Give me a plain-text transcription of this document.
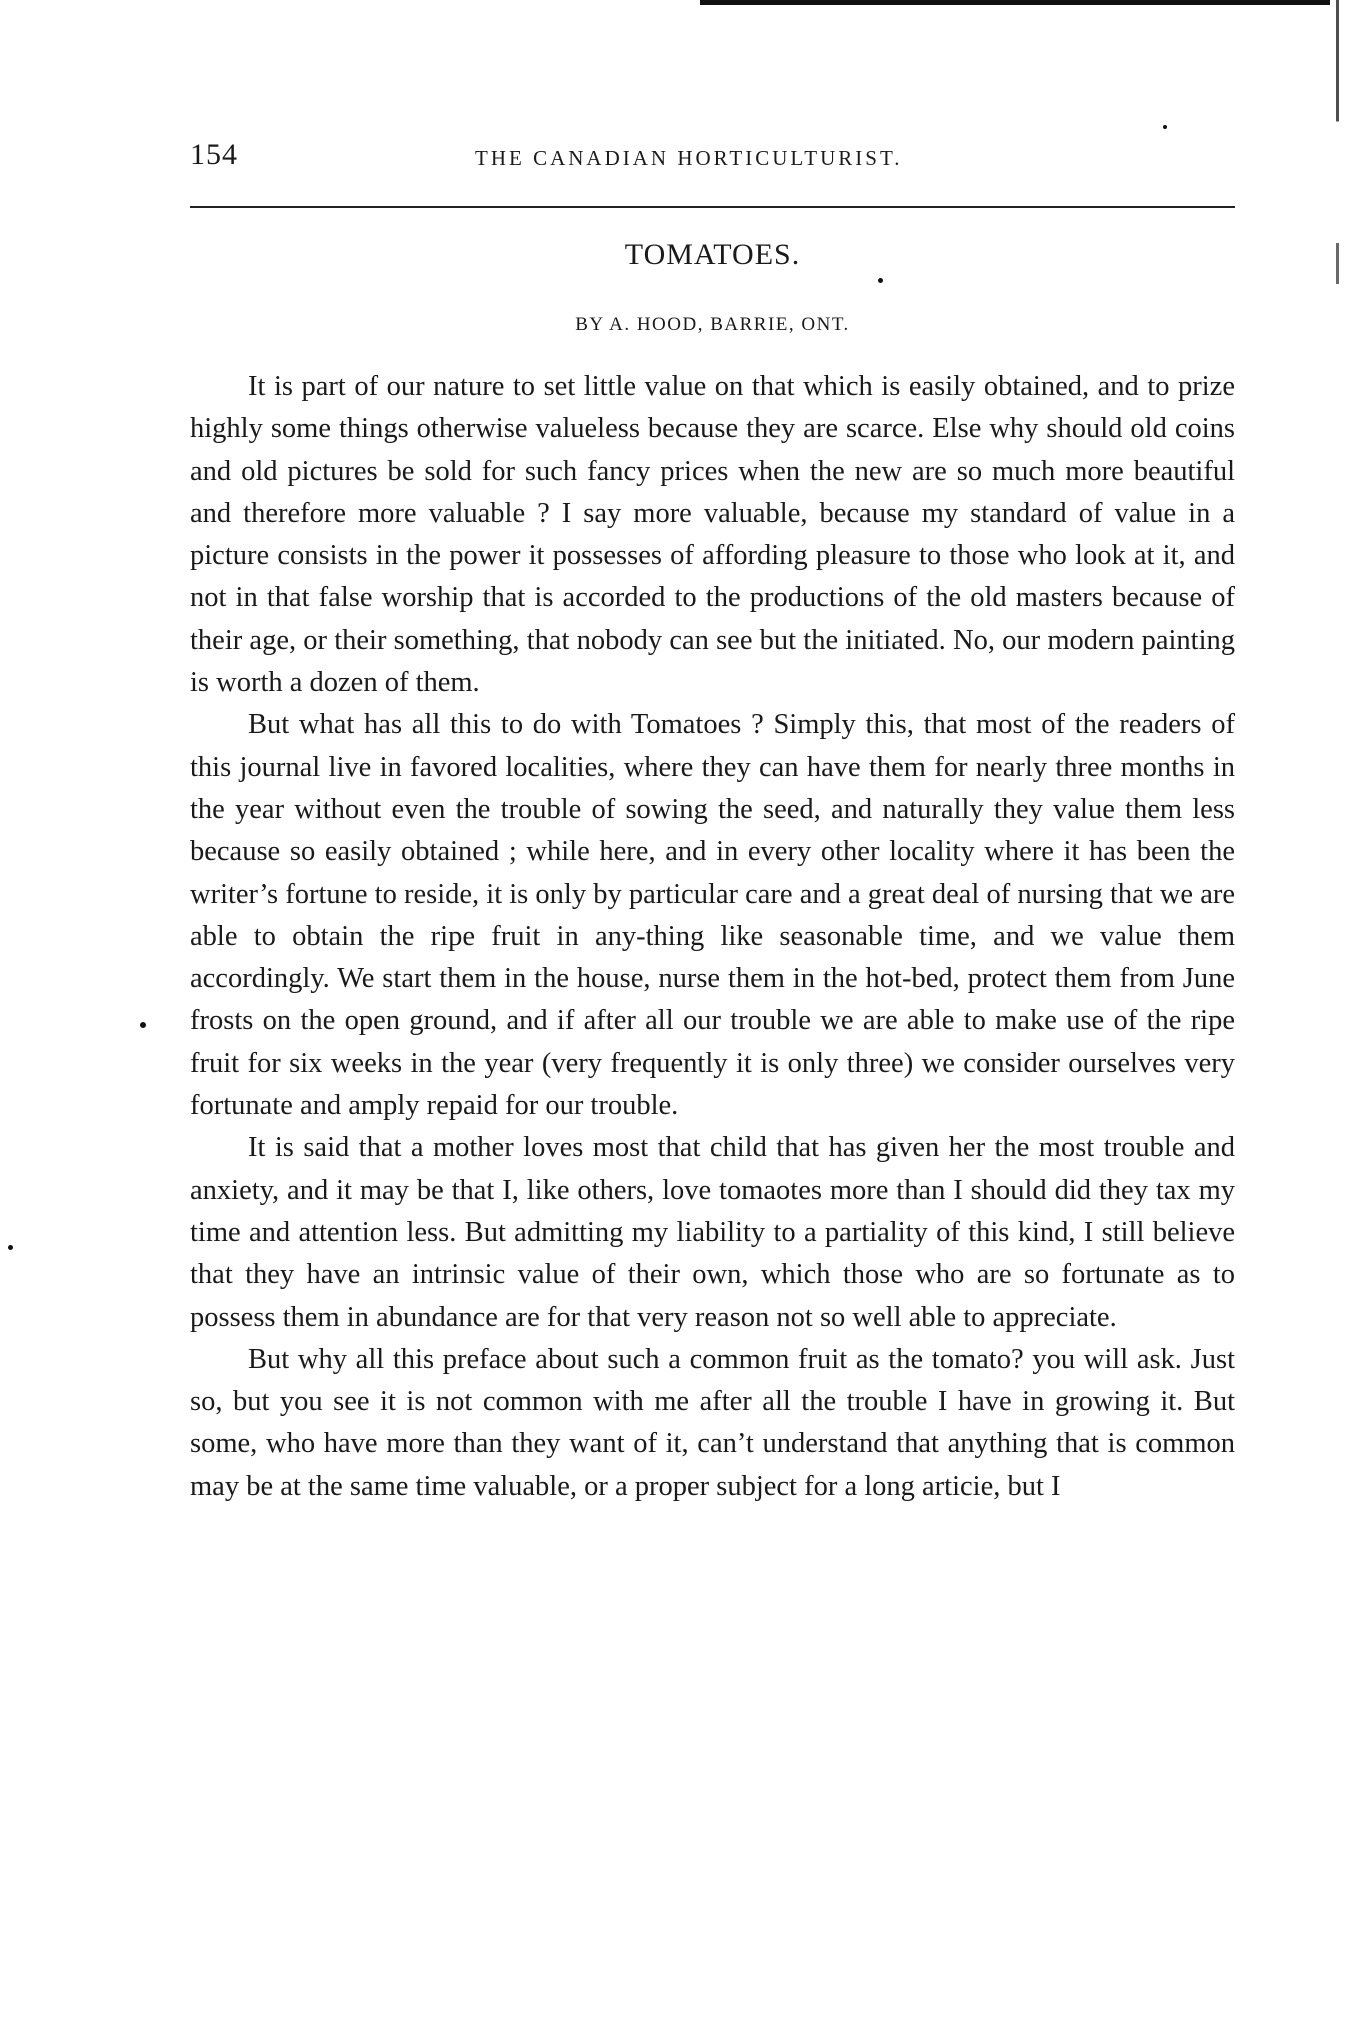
154	THE CANADIAN HORTICULTURIST.
TOMATOES.
BY A. HOOD, BARRIE, ONT.

It is part of our nature to set little value on that which is easily obtained, and to prize highly some things otherwise valueless because they are scarce. Else why should old coins and old pictures be sold for such fancy prices when the new are so much more beautiful and therefore more valuable ? I say more valuable, because my standard of value in a picture consists in the power it possesses of affording pleasure to those who look at it, and not in that false worship that is accorded to the productions of the old masters because of their age, or their something, that nobody can see but the initiated. No, our modern painting is worth a dozen of them.

But what has all this to do with Tomatoes ? Simply this, that most of the readers of this journal live in favored localities, where they can have them for nearly three months in the year without even the trouble of sowing the seed, and naturally they value them less because so easily obtained ; while here, and in every other locality where it has been the writer’s fortune to reside, it is only by particular care and a great deal of nursing that we are able to obtain the ripe fruit in any-thing like seasonable time, and we value them accordingly. We start them in the house, nurse them in the hot-bed, protect them from June frosts on the open ground, and if after all our trouble we are able to make use of the ripe fruit for six weeks in the year (very frequently it is only three) we consider ourselves very fortunate and amply repaid for our trouble.

It is said that a mother loves most that child that has given her the most trouble and anxiety, and it may be that I, like others, love tomaotes more than I should did they tax my time and attention less. But admitting my liability to a partiality of this kind, I still believe that they have an intrinsic value of their own, which those who are so fortunate as to possess them in abundance are for that very reason not so well able to appreciate.

But why all this preface about such a common fruit as the tomato? you will ask. Just so, but you see it is not common with me after all the trouble I have in growing it. But some, who have more than they want of it, can’t understand that anything that is common may be at the same time valuable, or a proper subject for a long articie, but I
